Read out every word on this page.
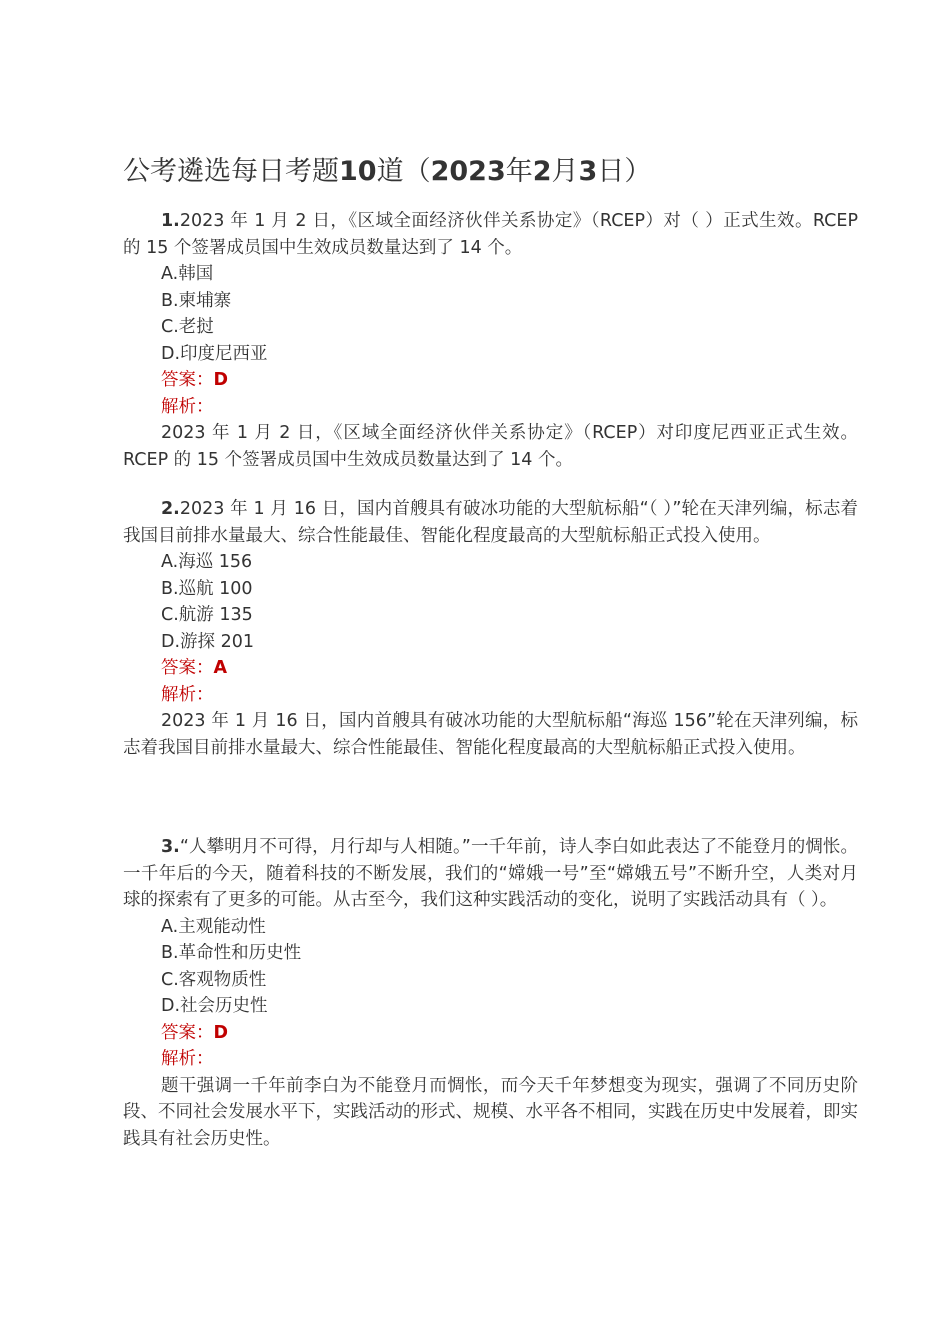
公考遴选每日考题10道（2023年2月3日）

1.2023 年 1 月 2 日，《区域全面经济伙伴关系协定》（RCEP）对（ ）正式生效。RCEP 的 15 个签署成员国中生效成员数量达到了 14 个。

A.韩国

B.柬埔寨

C.老挝

D.印度尼西亚

答案：D

解析：

2023 年 1 月 2 日，《区域全面经济伙伴关系协定》（RCEP）对印度尼西亚正式生效。RCEP 的 15 个签署成员国中生效成员数量达到了 14 个。

2.2023 年 1 月 16 日，国内首艘具有破冰功能的大型航标船“（ ）”轮在天津列编，标志着我国目前排水量最大、综合性能最佳、智能化程度最高的大型航标船正式投入使用。

A.海巡 156

B.巡航 100

C.航游 135

D.游探 201

答案：A

解析：

2023 年 1 月 16 日，国内首艘具有破冰功能的大型航标船“海巡 156”轮在天津列编，标志着我国目前排水量最大、综合性能最佳、智能化程度最高的大型航标船正式投入使用。

3.“人攀明月不可得，月行却与人相随。”一千年前，诗人李白如此表达了不能登月的惆怅。一千年后的今天，随着科技的不断发展，我们的“嫦娥一号”至“嫦娥五号”不断升空，人类对月球的探索有了更多的可能。从古至今，我们这种实践活动的变化，说明了实践活动具有（ ）。

A.主观能动性

B.革命性和历史性

C.客观物质性

D.社会历史性

答案：D

解析：

题干强调一千年前李白为不能登月而惆怅，而今天千年梦想变为现实，强调了不同历史阶段、不同社会发展水平下，实践活动的形式、规模、水平各不相同，实践在历史中发展着，即实践具有社会历史性。
